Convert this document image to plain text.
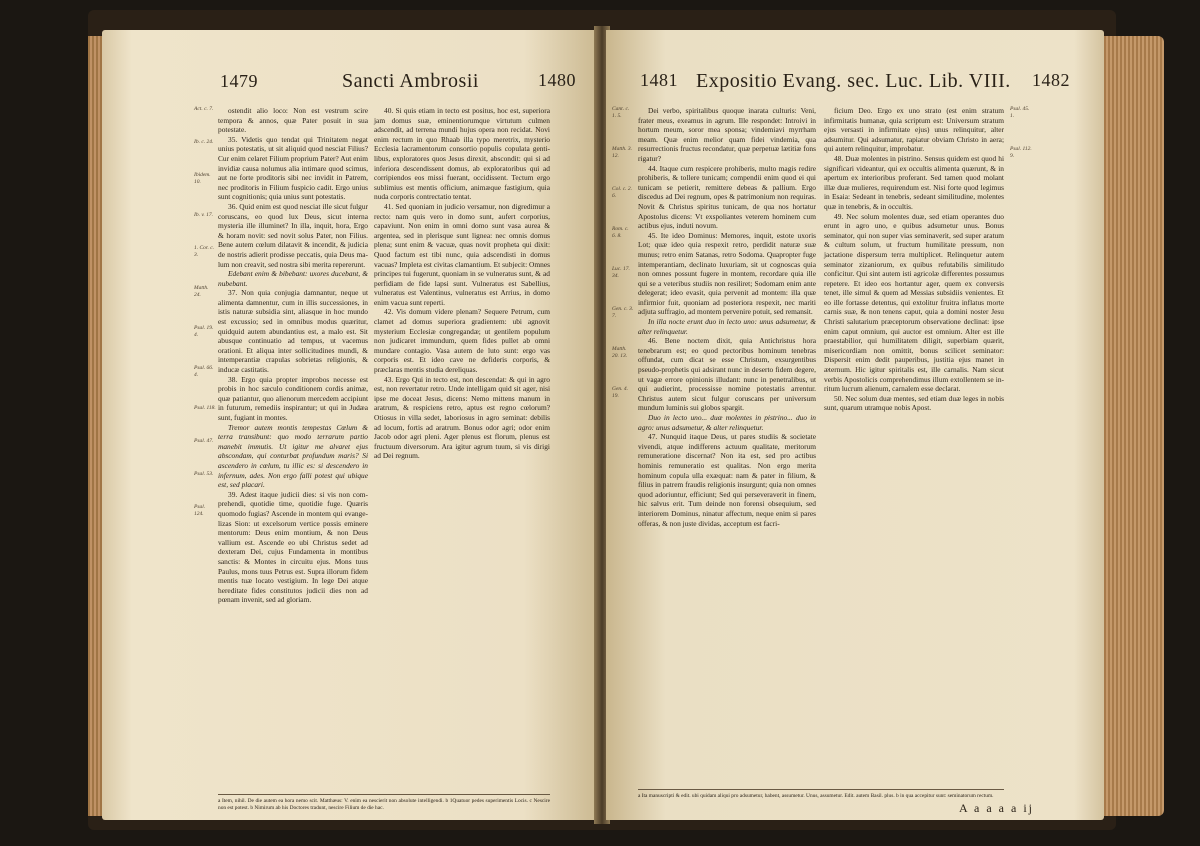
1479	Sancti Ambrosii	1480
Act. c. 7.
Ib. c. 24.
Ibidem. 10.
Ib. v. 17.
1. Cor. c. 3.
Matth. 24.
Psal. 19. 4.
Psal. 66. 4.
Psal. 118.
Psal. 47.
Psal. 53.
Psal. 124.

ostendit alio loco: Non est vestrum scire tempora & annos, quæ Pater posuit in sua potestate.

35. Videtis quo tendat qui Trinitatem negat unius potestatis, ut sit aliquid quod nesciat Filius? Cur enim celaret Filium proprium Pater? Aut enim invidiæ causa nolumus alia intimare quod scimus, aut ne forte proditoris sibi nec invidit in Patrem, nec proditoris in Filium fuspicio cadit. Ergo unius sunt cognitionis; quia unius sunt potestatis.

36. Quid enim est quod nesciat ille sicut fulgur coruscans, eo quod lux Deus, sicut interna mysteria ille illuminet? In illa, inquit, hora, Ergo & horam novit: sed novit solus Pater, non Filius. Bene autem cœlum dilatavit & incendit, & judicia de nostris adierit prodisse peccatis, quia Deus malum non creavit, sed nostra sibi merita repererunt.

Edebant enim & bibebant: uxores ducebant, & nubebant.

37. Non quia conjugia damnantur, neque ut alimenta damnentur, cum in illis successiones, in istis naturæ subsidia sint, aliasque in hoc mundo est excussio; sed in omnibus modus quæritur, quidquid autem abundantius est, a malo est. Sit abusque continuatio ad tempus, ut vacemus orationi. Et aliqua inter sollicitudines mundi, & intemperantiæ crapulas sobrietas religionis, & inducæ castitatis.

38. Ergo quia propter improbos necesse est probis in hoc sæculo conditionem cordis animæ, quæ patiantur, quo alienorum mercedem accipiunt in futurum, remediis inspirantur; ut qui in Judæa sunt, fugiant in montes.

Tremor autem montis tempestas Cœlum & terra transibunt: quo modo terrarum partio manebit immutis. Ut igitur me alvaret ejus abscondam, qui conturbat profundum maris? Si ascendero in cœlum, tu illic es: si descendero in infernum, ades. Non ergo falli potest qui ubique est, sed placari.

39. Adest itaque judicii dies: si vis non comprehendi, quotidie time, quotidie fuge. Quæris quomodo fugias? Ascende in montem qui evangelizas Sion: ut excelsorum vertice possis eminere mentorum: Deus enim montium, & non Deus vallium est. Ascende eo ubi Christus sedet ad dexteram Dei, cujus Fundamenta in montibus sanctis: & Montes in circuitu ejus. Mons tuus Paulus, mons tuus Petrus est. Supra illorum fidem mentis tuæ locato vestigium. In lege Dei atque hereditate fides constitutos judicii dies non ad pœnam invenit, sed ad gloriam.

40. Si quis etiam in tecto est positus, hoc est, superiora jam domus suæ, eminentiorumque virtutum culmen adscendit, ad terrena mundi hujus opera non recidat. Novi enim rectum in quo Rhaab illa typo meretrix, mysterio Ecclesia lacramentorum consortio populis copulata gentilibus, exploratores quos Jesus direxit, abscondit: qui si ad inferiora descendissent domus, ab exploratoribus qui ad corripiendos eos missi fuerant, occidissent. Tectum ergo sublimius est mentis officium, animæque fastigium, quia nuda corporis contrectatio tentat.

41. Sed quoniam in judicio versamur, non digredimur a recto: nam quis vero in domo sunt, aufert corporius, capaviunt. Non enim in omni domo sunt vasa aurea & argentea, sed in plerisque sunt lignea: nec omnis domus plena; sunt enim & vacuæ, quas novit propheta qui dixit: Quod factum est tibi nunc, quia adscendisti in domus vacuas? Impleta est civitas clamantium. Et subjecit: Omnes principes tui fugerunt, quoniam in se vulneratus sunt, & ad perfidiam de fide lapsi sunt. Vulneratus est Sabellius, vulneratus est Valentinus, vulneratus est Arrius, in domo enim vacua sunt reperti.

42. Vis domum videre plenam? Sequere Petrum, cum clamet ad domus superiora gradientem: ubi agnovit mysterium Ecclesiæ congregandæ; ut gentilem populum non judicaret immundum, quem fides pullet ab omni mundare contagio. Vasa autem de luto sunt: ergo vas corporis est. Et ideo cave ne defideris corporis, & præclaras mentis studia dereliquas.

43. Ergo Qui in tecto est, non descendat: & qui in agro est, non revertatur retro. Unde intelligam quid sit ager, nisi ipse me doceat Jesus, dicens: Nemo mittens manum in aratrum, & respiciens retro, aptus est regno cœlorum? Otiosus in villa sedet, laboriosus in agro seminat: debilis ad locum, fortis ad aratrum. Bonus odor agri; odor enim Jacob odor agri pleni. Ager plenus est florum, plenus est fructuum diversorum. Ara igitur agrum tuum, si vis dirigi ad Dei regnum.

a Item, nihil. De die autem ea hora nemo scit. Matthæus: V. enim ea nescierit non absolute intelligendi. b 1Quatuor pedes superimentis Locis. c Nescire non est potest. b Nimirum ab his Doctores tradunt, nescire Filium de die hac.
1481 Expositio Evang. sec. Luc. Lib. VIII. 1482
Cant. c. 1. 5.
Matth. 3. 12.
Col. c. 2. 6.
Rom. c. 6. 8.
Luc. 17. 34.
Gen. c. 3. 7.
Matth. 20. 13.
Gen. 4. 19.
Psal. 45. 1.
Psal. 112. 9.

Dei verbo, spiritalibus quoque inarata culturis: Veni, frater meus, exeamus in agrum. Ille respondet: Introivi in hortum meum, soror mea sponsa; vindemiavi myrrham meam. Quæ enim melior quam fidei vindemia, qua resurrectionis fructus recondatur, quæ perpetuæ lætitiæ fons rigatur?

44. Itaque cum respicere prohiberis, multo magis redire prohiberis, & tollere tunicam; compendii enim quod ei qui tunicam se petierit, remittere debeas & pallium. Ergo discedus ad Dei regnum, opes & patrimonium non requiras. Novit & Christus spiritus tunicam, de qua nos hortatur Apostolus dicens: Vt exspoliantes veterem hominem cum actibus ejus, induti novum.

45. Ite ideo Dominus: Memores, inquit, estote uxoris Lot; quæ ideo quia respexit retro, perdidit naturæ suæ munus; retro enim Satanas, retro Sodoma. Quapropter fuge intemperantiam, declinato luxuriam, sit ut cognoscas quia non omnes possunt fugere in montem, recordare quia ille qui se a veteribus studiis non resiliret; Sodomam enim ante delegerat; ideo evasit, quia pervenit ad montem: illa quæ infirmior fuit, quoniam ad posteriora respexit, nec mariti adjuta suffragio, ad montem pervenire potuit, sed remansit.

In illa nocte erunt duo in lecto uno: unus adsumetur, & alter relinquetur.

46. Bene noctem dixit, quia Antichristus hora tenebrarum est; eo quod pectoribus hominum tenebras offundat, cum dicat se esse Christum, exsurgentibus pseudo-prophetis qui adsirant nunc in deserto fidem degere, ut vagæ errore opinionis illudant: nunc in penetralibus, ut qui audierint, processisse nomine potestatis arrentur. Christus autem sicut fulgur coruscans per universum mundum luminis sui globos spargit.

Duo in lecto uno... duæ molentes in pistrino... duo in agro: unus adsumetur, & alter relinquetur.

47. Nunquid itaque Deus, ut pares studiis & societate vivendi, atque indifferens actuum qualitate, meritorum remuneratione discernat? Non ita est, sed pro actibus hominis remuneratio est qualitas. Non ergo merita hominum copula ulla exæquat: nam & pater in filium, & filius in patrem fraudis religionis insurgunt; quia non omnes quod adoriuntur, efficiunt; Sed qui perseveraverit in finem, hic salvus erit. Tum deinde non forensi obsequium, sed interiorem Dominus, ninatur affectum, neque enim si pares offeras, & non juste dividas, acceptum est facri-

ficium Deo. Ergo ex uno strato (est enim stratum infirmitatis humanæ, quia scriptum est: Universum stratum ejus versasti in infirmitate ejus) unus relinquitur, alter adsumitur. Qui adsumatur, rapiatur obviam Christo in aera; qui autem relinquitur, improbatur.

48. Duæ molentes in pistrino. Sensus quidem est quod hi significari videantur, qui ex occultis alimenta quærunt, & in apertum ex interioribus proferant. Sed tamen quod molant illæ duæ mulieres, requirendum est. Nisi forte quod legimus in Esaia: Sedeant in tenebris, sedeant similitudine, molentes quæ in tenebris, & in occultis.

49. Nec solum molentes duæ, sed etiam operantes duo erunt in agro uno, e quibus adsumetur unus. Bonus seminator, qui non super vias seminaverit, sed super aratum & cultum solum, ut fructum humilitate pressum, non jactatione dispersum terra multiplicet. Relinquetur autem seminator zizaniorum, ex quibus refutabilis similitudo conficitur. Qui sint autem isti agricolæ differentes possumus repetere. Et ideo eos hortantur ager, quem ex conversis tenet, ille simul & quem ad Messias subsidiis venientes. Et eo ille fortasse detentus, qui extolitur fruitra inflatus morte carnis suæ, & non tenens caput, quia a domini noster Jesu Christi salutarium præceptorum observatione declinat: ipse enim caput omnium, qui auctor est omnium. Alter est ille praestabilior, qui humilitatem diligit, superbiam quærit, misericordiam non omittit, bonus scilicet seminator: Dispersit enim dedit pauperibus, justitia ejus manet in æternum. Hic igitur spiritalis est, ille carnalis. Nam sicut verbis Apostolicis comprehendimus illum extollentem se inritum lucrum alienum, carnalem esse declarat.

50. Nec solum duæ mentes, sed etiam duæ leges in nobis sunt, quarum utramque nobis Apost.

a Ita manuscripti & edit. ubi quidam aliqui pro adsumetur, habent, assumetur. Unus, assumetur. Edit. autem Basil. plus. b in qua accepitur sunt: seminatorum rectum.
A a a a a ij
